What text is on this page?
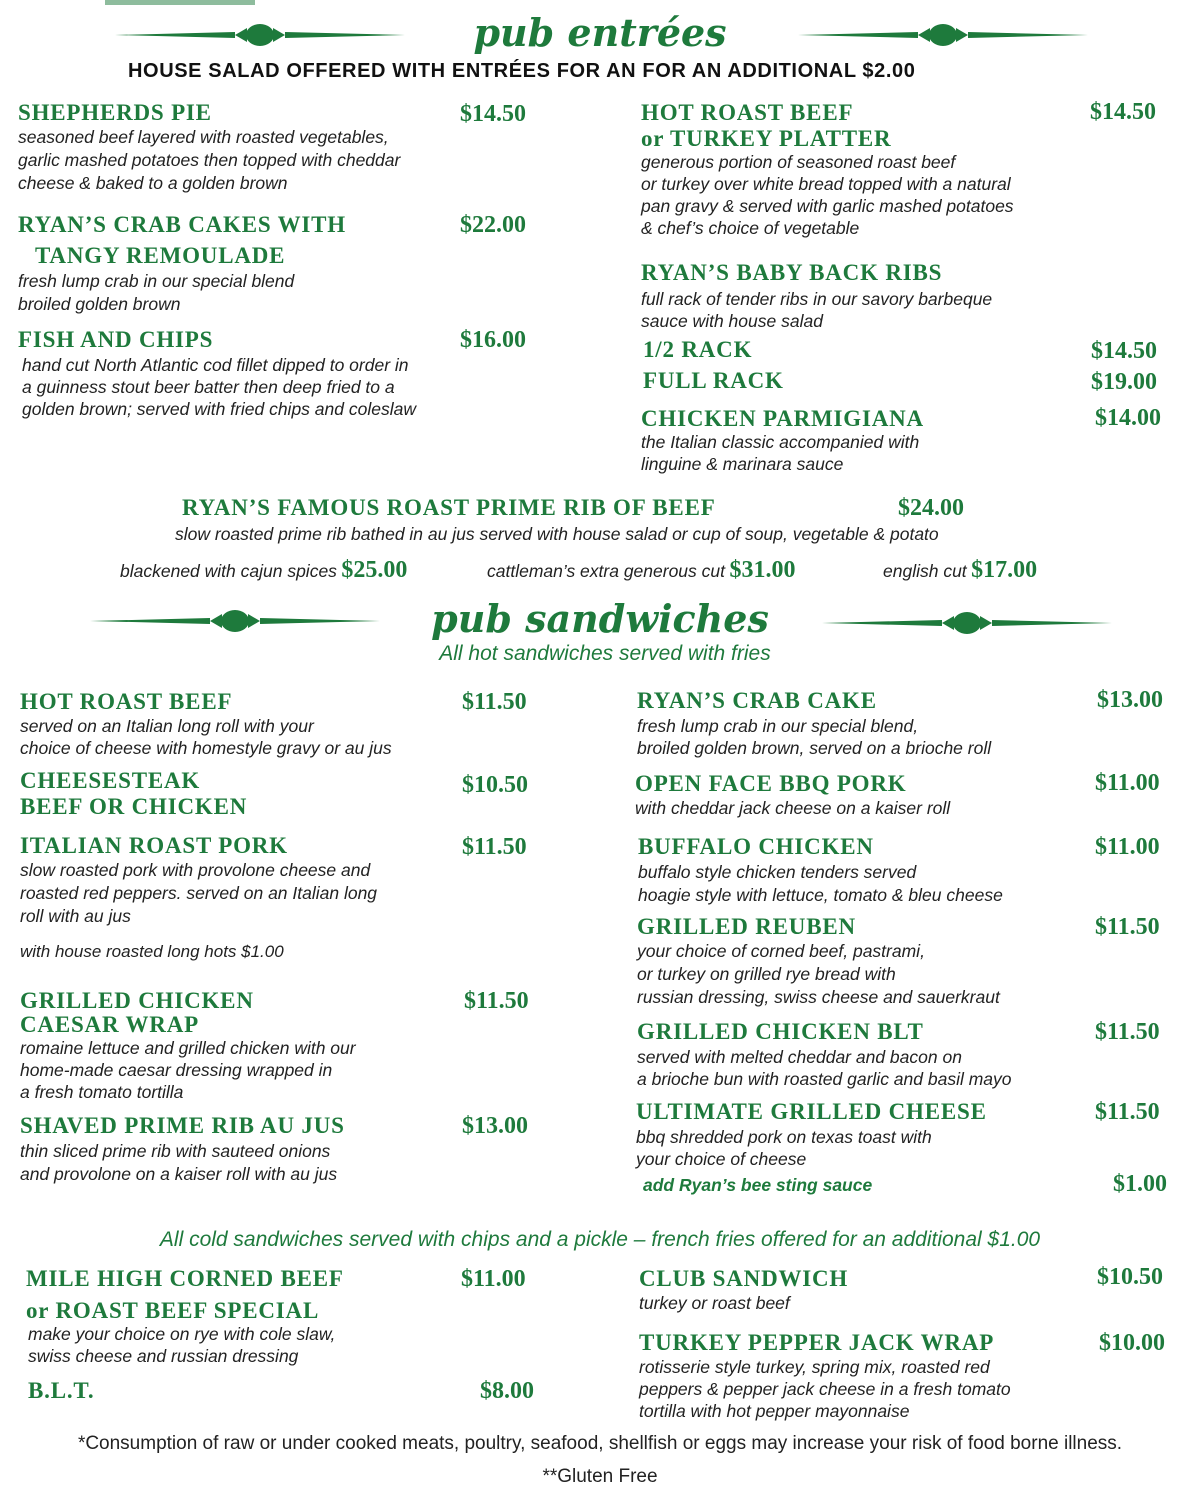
pub entrées
HOUSE SALAD OFFERED WITH ENTRÉES FOR AN FOR AN ADDITIONAL $2.00
SHEPHERDS PIE	$14.50
seasoned beef layered with roasted vegetables,
garlic mashed potatoes then topped with cheddar
cheese & baked to a golden brown
RYAN’S CRAB CAKES WITH
TANGY REMOULADE
$22.00
fresh lump crab in our special blend
broiled golden brown
FISH AND CHIPS	$16.00
hand cut North Atlantic cod fillet dipped to order in
a guinness stout beer batter then deep fried to a
golden brown; served with fried chips and coleslaw
HOT ROAST BEEF
or TURKEY PLATTER
$14.50
generous portion of seasoned roast beef
or turkey over white bread topped with a natural
pan gravy & served with garlic mashed potatoes
& chef’s choice of vegetable
RYAN’S BABY BACK RIBS
full rack of tender ribs in our savory barbeque
sauce with house salad
1/2 RACK	$14.50
FULL RACK	$19.00
CHICKEN PARMIGIANA	$14.00
the Italian classic accompanied with
linguine & marinara sauce
RYAN’S FAMOUS ROAST PRIME RIB OF BEEF	$24.00
slow roasted prime rib bathed in au jus served with house salad or cup of soup, vegetable & potato
blackened with cajun spices $25.00	cattleman’s extra generous cut $31.00	english cut $17.00
pub sandwiches
All hot sandwiches served with fries
HOT ROAST BEEF	$11.50
served on an Italian long roll with your
choice of cheese with homestyle gravy or au jus
CHEESESTEAK
BEEF OR CHICKEN
$10.50
ITALIAN ROAST PORK	$11.50
slow roasted pork with provolone cheese and
roasted red peppers. served on an Italian long
roll with au jus
with house roasted long hots $1.00
GRILLED CHICKEN
CAESAR WRAP
$11.50
romaine lettuce and grilled chicken with our
home-made caesar dressing wrapped in
a fresh tomato tortilla
SHAVED PRIME RIB AU JUS	$13.00
thin sliced prime rib with sauteed onions
and provolone on a kaiser roll with au jus
RYAN’S CRAB CAKE	$13.00
fresh lump crab in our special blend,
broiled golden brown, served on a brioche roll
OPEN FACE BBQ PORK	$11.00
with cheddar jack cheese on a kaiser roll
BUFFALO CHICKEN	$11.00
buffalo style chicken tenders served
hoagie style with lettuce, tomato & bleu cheese
GRILLED REUBEN	$11.50
your choice of corned beef, pastrami,
or turkey on grilled rye bread with
russian dressing, swiss cheese and sauerkraut
GRILLED CHICKEN BLT	$11.50
served with melted cheddar and bacon on
a brioche bun with roasted garlic and basil mayo
ULTIMATE GRILLED CHEESE	$11.50
bbq shredded pork on texas toast with
your choice of cheese
add Ryan’s bee sting sauce	$1.00
All cold sandwiches served with chips and a pickle – french fries offered for an additional $1.00
MILE HIGH CORNED BEEF
or ROAST BEEF SPECIAL
$11.00
make your choice on rye with cole slaw,
swiss cheese and russian dressing
B.L.T.	$8.00
CLUB SANDWICH	$10.50
turkey or roast beef
TURKEY PEPPER JACK WRAP	$10.00
rotisserie style turkey, spring mix, roasted red
peppers & pepper jack cheese in a fresh tomato
tortilla with hot pepper mayonnaise
*Consumption of raw or under cooked meats, poultry, seafood, shellfish or eggs may increase your risk of food borne illness.
**Gluten Free
